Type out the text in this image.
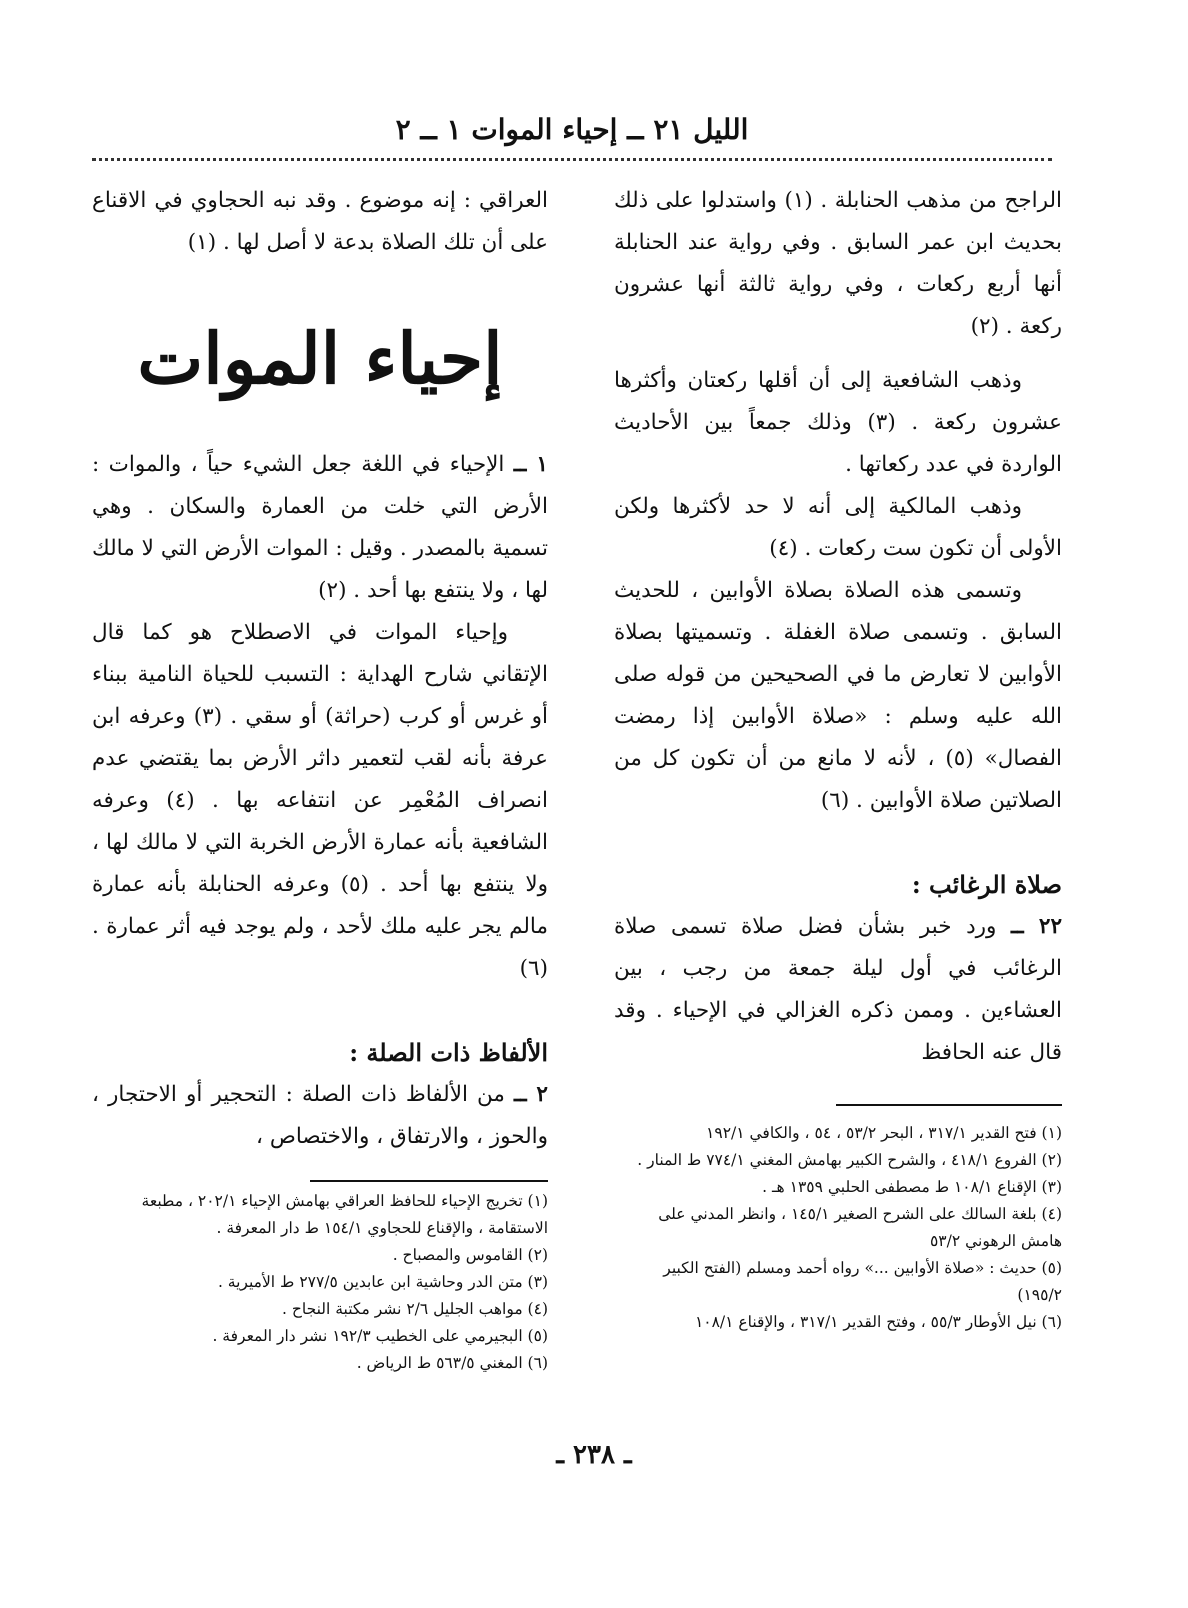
الليل ٢١ ــ إحياء الموات ١ ــ ٢

الراجح من مذهب الحنابلة . (١) واستدلوا على ذلك بحديث ابن عمر السابق . وفي رواية عند الحنابلة أنها أربع ركعات ، وفي رواية ثالثة أنها عشرون ركعة . (٢)

وذهب الشافعية إلى أن أقلها ركعتان وأكثرها عشرون ركعة . (٣) وذلك جمعاً بين الأحاديث الواردة في عدد ركعاتها .

وذهب المالكية إلى أنه لا حد لأكثرها ولكن الأولى أن تكون ست ركعات . (٤)

وتسمى هذه الصلاة بصلاة الأوابين ، للحديث السابق . وتسمى صلاة الغفلة . وتسميتها بصلاة الأوابين لا تعارض ما في الصحيحين من قوله صلى الله عليه وسلم : «صلاة الأوابين إذا رمضت الفصال» (٥) ، لأنه لا مانع من أن تكون كل من الصلاتين صلاة الأوابين . (٦)

صلاة الرغائب :

٢٢ ــ ورد خبر بشأن فضل صلاة تسمى صلاة الرغائب في أول ليلة جمعة من رجب ، بين العشاءين . وممن ذكره الغزالي في الإحياء . وقد قال عنه الحافظ

العراقي : إنه موضوع . وقد نبه الحجاوي في الاقناع على أن تلك الصلاة بدعة لا أصل لها . (١)

إحياء الموات

١ ــ الإحياء في اللغة جعل الشيء حياً ، والموات : الأرض التي خلت من العمارة والسكان . وهي تسمية بالمصدر . وقيل : الموات الأرض التي لا مالك لها ، ولا ينتفع بها أحد . (٢)

وإحياء الموات في الاصطلاح هو كما قال الإتقاني شارح الهداية : التسبب للحياة النامية ببناء أو غرس أو كرب (حراثة) أو سقي . (٣) وعرفه ابن عرفة بأنه لقب لتعمير داثر الأرض بما يقتضي عدم انصراف المُعْمِر عن انتفاعه بها . (٤) وعرفه الشافعية بأنه عمارة الأرض الخربة التي لا مالك لها ، ولا ينتفع بها أحد . (٥) وعرفه الحنابلة بأنه عمارة مالم يجر عليه ملك لأحد ، ولم يوجد فيه أثر عمارة . (٦)

الألفاظ ذات الصلة :

٢ ــ من الألفاظ ذات الصلة : التحجير أو الاحتجار ، والحوز ، والارتفاق ، والاختصاص ،	(١) فتح القدير ٣١٧/١ ، البحر ٥٣/٢ ، ٥٤ ، والكافي ١٩٢/١

(٢) الفروع ٤١٨/١ ، والشرح الكبير بهامش المغني ٧٧٤/١ ط المنار .

(٣) الإقناع ١٠٨/١ ط مصطفى الحلبي ١٣٥٩ هـ .

(٤) بلغة السالك على الشرح الصغير ١٤٥/١ ، وانظر المدني على هامش الرهوني ٥٣/٢

(٥) حديث : «صلاة الأوابين ...» رواه أحمد ومسلم (الفتح الكبير ١٩٥/٢)

(٦) نيل الأوطار ٥٥/٣ ، وفتح القدير ٣١٧/١ ، والإقناع ١٠٨/١

(١) تخريج الإحياء للحافظ العراقي بهامش الإحياء ٢٠٢/١ ، مطبعة الاستقامة ، والإقناع للحجاوي ١٥٤/١ ط دار المعرفة .

(٢) القاموس والمصباح .

(٣) متن الدر وحاشية ابن عابدين ٢٧٧/٥ ط الأميرية .

(٤) مواهب الجليل ٢/٦ نشر مكتبة النجاح .

(٥) البجيرمي على الخطيب ١٩٢/٣ نشر دار المعرفة .

(٦) المغني ٥٦٣/٥ ط الرياض .

ـ ٢٣٨ ـ
